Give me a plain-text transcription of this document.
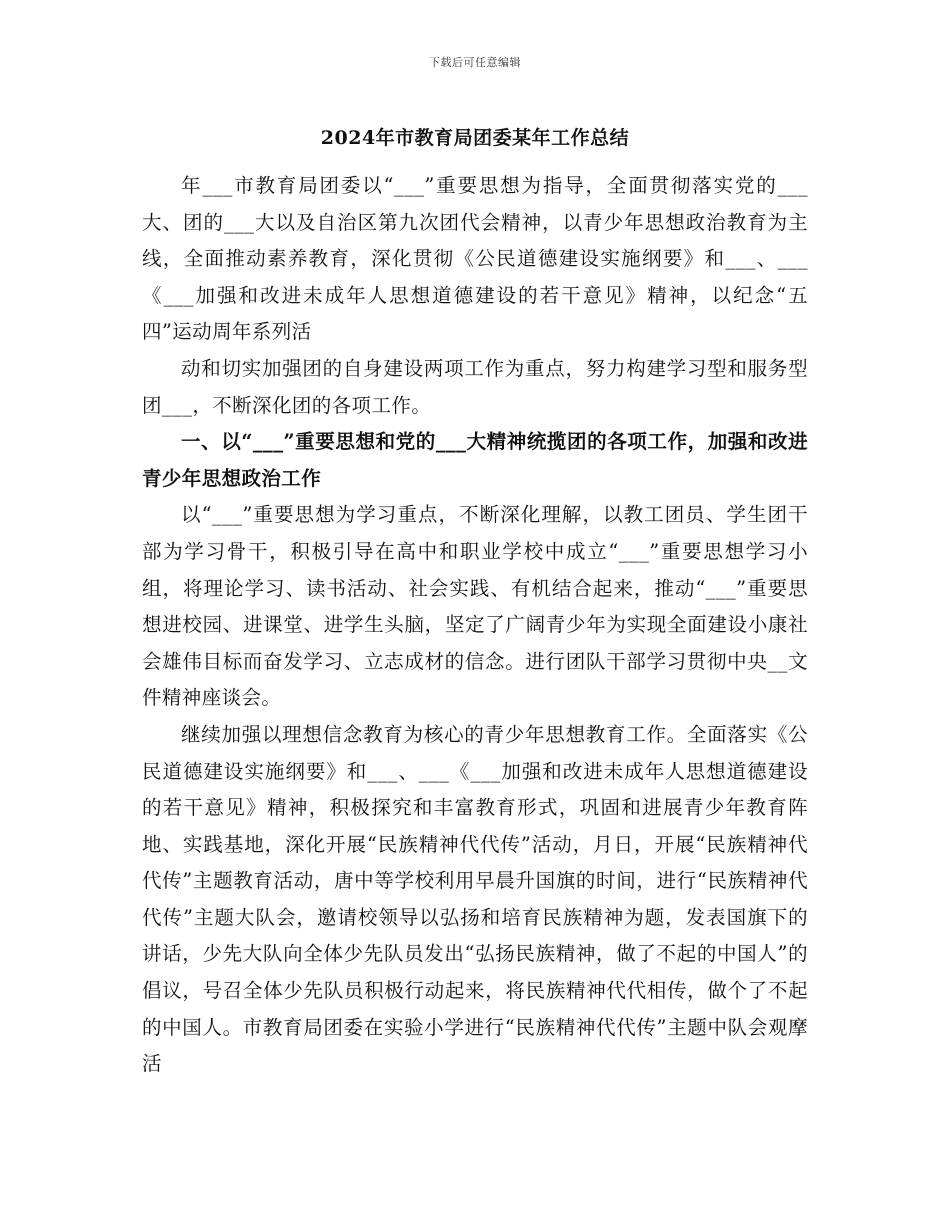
下载后可任意编辑
2024年市教育局团委某年工作总结

年___市教育局团委以“___”重要思想为指导，全面贯彻落实党的___大、团的___大以及自治区第九次团代会精神，以青少年思想政治教育为主线，全面推动素养教育，深化贯彻《公民道德建设实施纲要》和___、___《___加强和改进未成年人思想道德建设的若干意见》精神，以纪念“五四”运动周年系列活

动和切实加强团的自身建设两项工作为重点，努力构建学习型和服务型团___，不断深化团的各项工作。

一、以“___”重要思想和党的___大精神统揽团的各项工作，加强和改进青少年思想政治工作

以“___”重要思想为学习重点，不断深化理解，以教工团员、学生团干部为学习骨干，积极引导在高中和职业学校中成立“___”重要思想学习小组，将理论学习、读书活动、社会实践、有机结合起来，推动“___”重要思想进校园、进课堂、进学生头脑，坚定了广阔青少年为实现全面建设小康社会雄伟目标而奋发学习、立志成材的信念。进行团队干部学习贯彻中央__文件精神座谈会。

继续加强以理想信念教育为核心的青少年思想教育工作。全面落实《公民道德建设实施纲要》和___、___《___加强和改进未成年人思想道德建设的若干意见》精神，积极探究和丰富教育形式，巩固和进展青少年教育阵地、实践基地，深化开展“民族精神代代传”活动，月日，开展“民族精神代代传”主题教育活动，唐中等学校利用早晨升国旗的时间，进行“民族精神代代传”主题大队会，邀请校领导以弘扬和培育民族精神为题，发表国旗下的讲话，少先大队向全体少先队员发出“弘扬民族精神，做了不起的中国人”的倡议，号召全体少先队员积极行动起来，将民族精神代代相传，做个了不起的中国人。市教育局团委在实验小学进行“民族精神代代传”主题中队会观摩活
